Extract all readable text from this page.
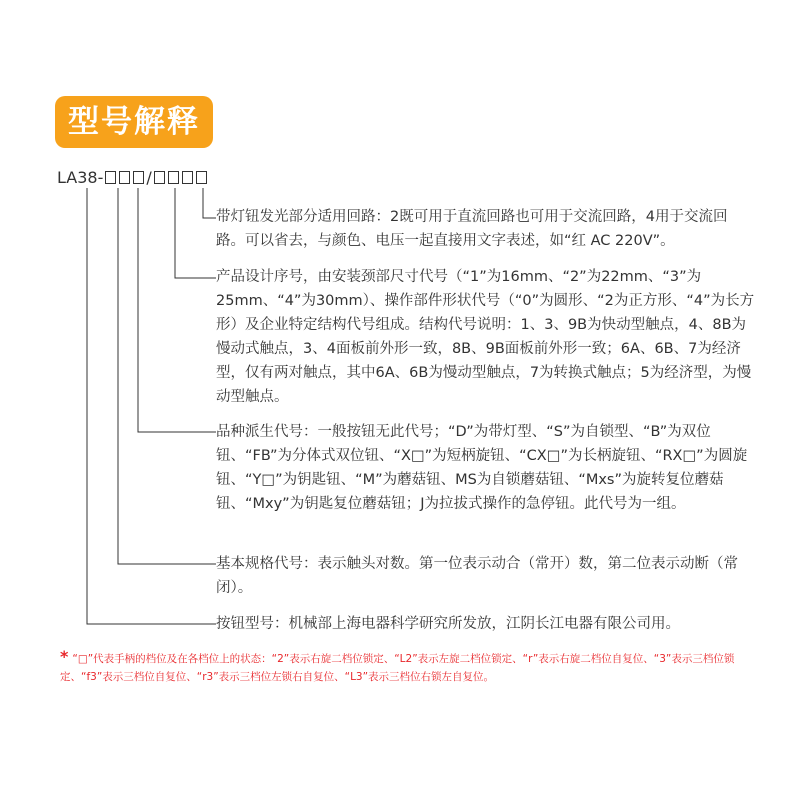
型号解释
LA38-	/
带灯钮发光部分适用回路：2既可用于直流回路也可用于交流回路，4用于交流回路。可以省去，与颜色、电压一起直接用文字表述，如“红 AC 220V”。
产品设计序号，由安装颈部尺寸代号（“1”为16mm、“2”为22mm、“3”为25mm、“4”为30mm）、操作部件形状代号（“0”为圆形、“2为正方形、“4”为长方形）及企业特定结构代号组成。结构代号说明：1、3、9B为快动型触点，4、8B为慢动式触点，3、4面板前外形一致，8B、9B面板前外形一致；6A、6B、7为经济型，仅有两对触点，其中6A、6B为慢动型触点，7为转换式触点；5为经济型，为慢动型触点。
品种派生代号：一般按钮无此代号；“D”为带灯型、“S”为自锁型、“B”为双位钮、“FB”为分体式双位钮、“X□”为短柄旋钮、“CX□”为长柄旋钮、“RX□”为圆旋钮、“Y□”为钥匙钮、“M”为蘑菇钮、MS为自锁蘑菇钮、“Mxs”为旋转复位蘑菇钮、“Mxy”为钥匙复位蘑菇钮；J为拉拔式操作的急停钮。此代号为一组。
基本规格代号：表示触头对数。第一位表示动合（常开）数，第二位表示动断（常闭）。
按钮型号：机械部上海电器科学研究所发放，江阴长江电器有限公司用。
* “□”代表手柄的档位及在各档位上的状态：“2”表示右旋二档位锁定、“L2”表示左旋二档位锁定、“r”表示右旋二档位自复位、“3”表示三档位锁定、“f3”表示三档位自复位、“r3”表示三档位左锁右自复位、“L3”表示三档位右锁左自复位。
